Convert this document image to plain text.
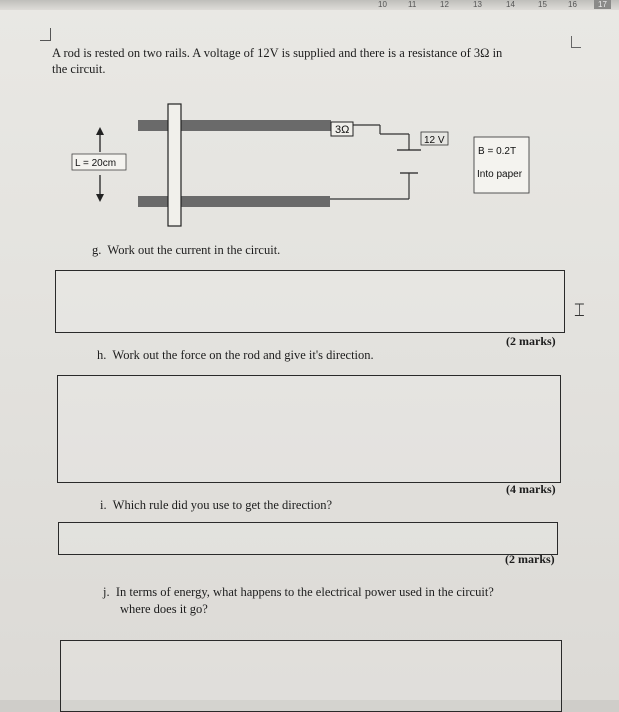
10	11	12	13	14	15	16	17
A rod is rested on two rails. A voltage of 12V is supplied and there is a resistance of 3Ω in
the circuit.
3Ω
12 V
L = 20cm
B = 0.2T
Into paper
g. Work out the current in the circuit.
(2 marks)
h. Work out the force on the rod and give it's direction.
(4 marks)
i. Which rule did you use to get the direction?
(2 marks)
j. In terms of energy, what happens to the electrical power used in the circuit?
where does it go?
⌶
